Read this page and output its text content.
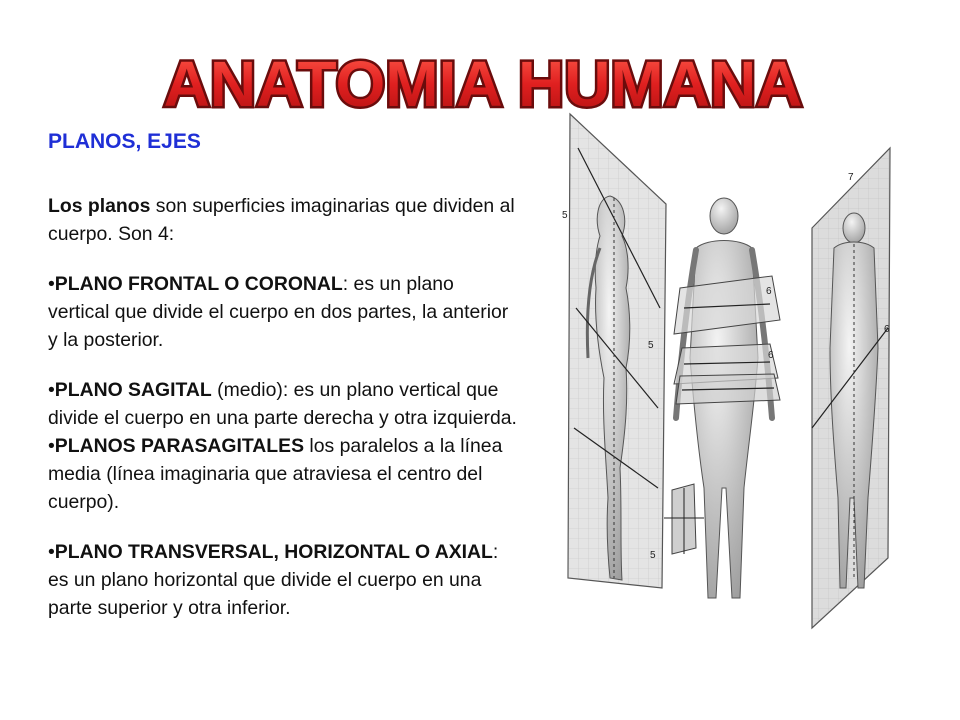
ANATOMIA HUMANA
PLANOS, EJES

Los planos son superficies imaginarias que dividen al cuerpo. Son 4:

•PLANO FRONTAL O CORONAL: es un plano vertical que divide el cuerpo en dos partes, la anterior y la posterior.

•PLANO SAGITAL (medio): es un plano vertical que divide el cuerpo en una parte derecha y otra izquierda.

•PLANOS PARASAGITALES los paralelos a la línea media (línea imaginaria que atraviesa el centro del cuerpo).

•PLANO TRANSVERSAL, HORIZONTAL O AXIAL: es un plano horizontal que divide el cuerpo en una parte superior y otra inferior.

5
5
5
6
6
7
6
